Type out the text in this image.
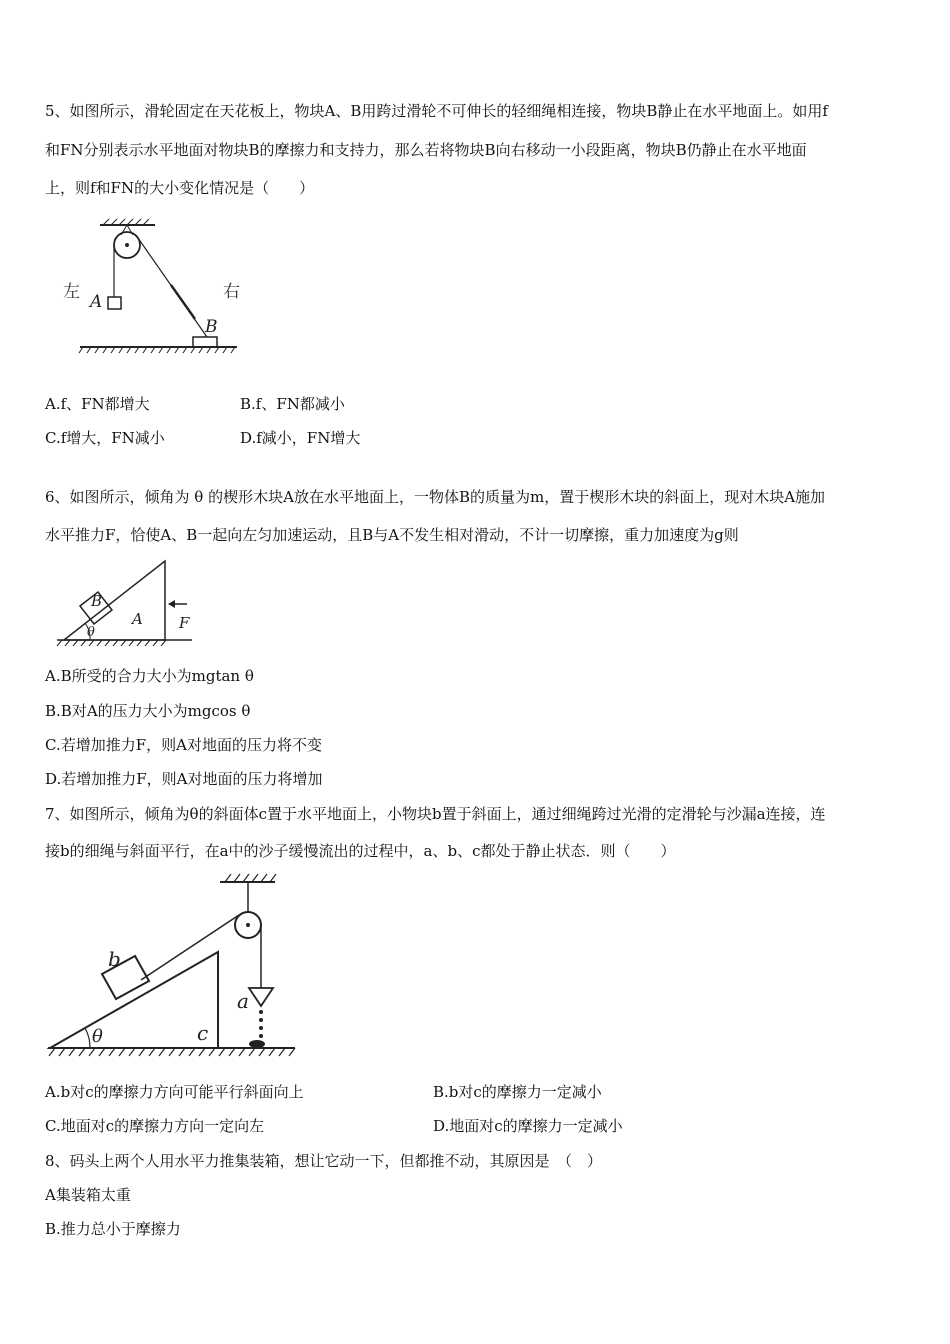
5、如图所示，滑轮固定在天花板上，物块A、B用跨过滑轮不可伸长的轻细绳相连接，物块B静止在水平地面上。如用f
和FN分别表示水平地面对物块B的摩擦力和支持力，那么若将物块B向右移动一小段距离，物块B仍静止在水平地面
上，则f和FN的大小变化情况是（　　）
左 A	右
B
A.f、FN都增大	B.f、FN都减小
C.f增大，FN减小	D.f减小，FN增大
6、如图所示，倾角为 θ 的楔形木块A放在水平地面上，一物体B的质量为m，置于楔形木块的斜面上，现对木块A施加
水平推力F，恰使A、B一起向左匀加速运动，且B与A不发生相对滑动，不计一切摩擦，重力加速度为g则
B
A
θ
F
A.B所受的合力大小为mgtan θ
B.B对A的压力大小为mgcos θ
C.若增加推力F，则A对地面的压力将不变
D.若增加推力F，则A对地面的压力将增加
7、如图所示，倾角为θ的斜面体c置于水平地面上，小物块b置于斜面上，通过细绳跨过光滑的定滑轮与沙漏a连接，连
接b的细绳与斜面平行，在a中的沙子缓慢流出的过程中，a、b、c都处于静止状态．则（　　）
b
θ	c
a
A.b对c的摩擦力方向可能平行斜面向上	B.b对c的摩擦力一定减小
C.地面对c的摩擦力方向一定向左	D.地面对c的摩擦力一定减小
8、码头上两个人用水平力推集装箱，想让它动一下，但都推不动，其原因是　（　）
A集装箱太重
B.推力总小于摩擦力
